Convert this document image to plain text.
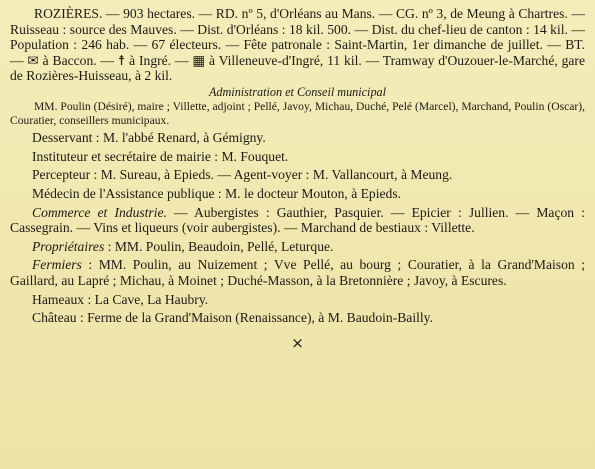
ROZIÈRES. — 903 hectares. — RD. nº 5, d'Orléans au Mans. — CG. nº 3, de Meung à Chartres. — Ruisseau : source des Mauves. — Dist. d'Orléans : 18 kil. 500. — Dist. du chef-lieu de canton : 14 kil. — Population : 246 hab. — 67 électeurs. — Fête patronale : Saint-Martin, 1er dimanche de juillet. — BT. — ✉ à Baccon. — ☨ à Ingré. — ▦ à Villeneuve-d'Ingré, 11 kil. — Tramway d'Ouzouer-le-Marché, gare de Rozières-Huisseau, à 2 kil.

Administration et Conseil municipal

MM. Poulin (Désiré), maire ; Villette, adjoint ; Pellé, Javoy, Michau, Duché, Pelé (Marcel), Marchand, Poulin (Oscar), Couratier, conseillers municipaux.

Desservant : M. l'abbé Renard, à Gémigny.

Instituteur et secrétaire de mairie : M. Fouquet.

Percepteur : M. Sureau, à Epieds. — Agent-voyer : M. Vallancourt, à Meung.

Médecin de l'Assistance publique : M. le docteur Mouton, à Epieds.

Commerce et Industrie. — Aubergistes : Gauthier, Pasquier. — Epicier : Jullien. — Maçon : Cassegrain. — Vins et liqueurs (voir aubergistes). — Marchand de bestiaux : Villette.

Propriétaires : MM. Poulin, Beaudoin, Pellé, Leturque.

Fermiers : MM. Poulin, au Nuizement ; Vve Pellé, au bourg ; Couratier, à la Grand'Maison ; Gaillard, au Lapré ; Michau, à Moinet ; Duché-Masson, à la Bretonnière ; Javoy, à Escures.

Hameaux : La Cave, La Haubry.

Château : Ferme de la Grand'Maison (Renaissance), à M. Baudoin-Bailly.

×
